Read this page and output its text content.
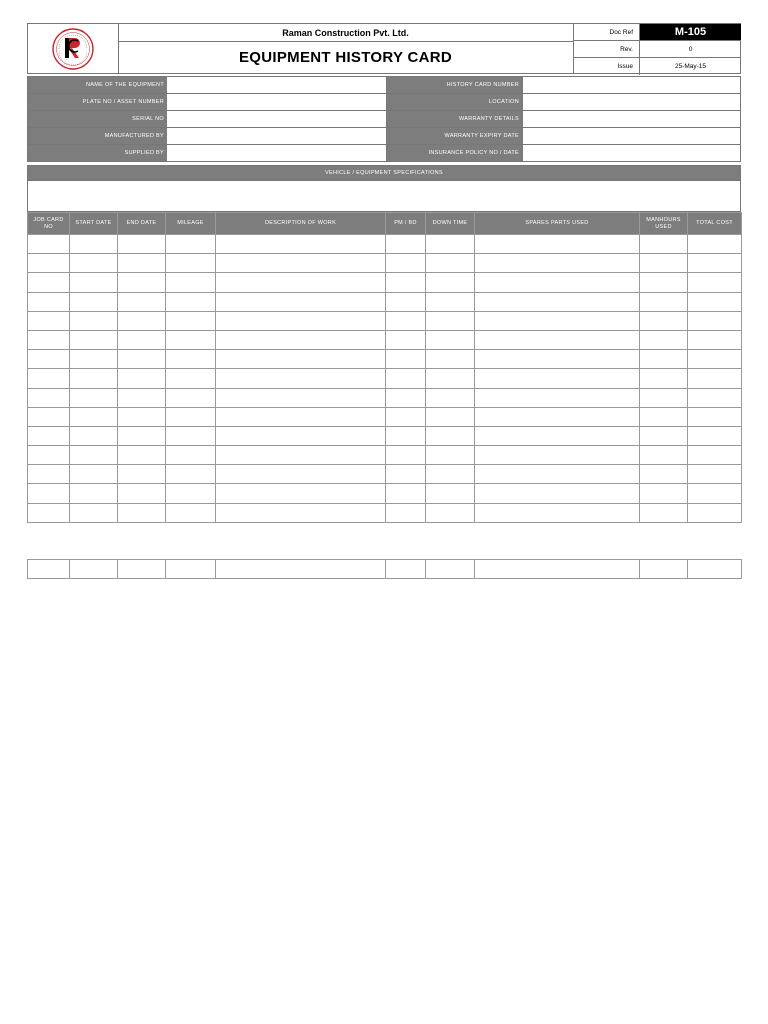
Raman Construction Pvt. Ltd.
EQUIPMENT HISTORY CARD
Doc Ref	M-105
Rev.	0
Issue	25-May-15
NAME OF THE EQUIPMENT	HISTORY CARD NUMBER
PLATE NO / ASSET NUMBER	LOCATION
SERIAL NO	WARRANTY DETAILS
MANUFACTURED BY	WARRANTY EXPIRY DATE
SUPPLIED BY	INSURANCE POLICY NO / DATE
VEHICLE / EQUIPMENT SPECIFICATIONS
JOB CARD NO	START DATE	END DATE	MILEAGE	DESCRIPTION OF WORK	PM / BD	DOWN TIME	SPARES PARTS USED	MANHOURS USED	TOTAL COST
